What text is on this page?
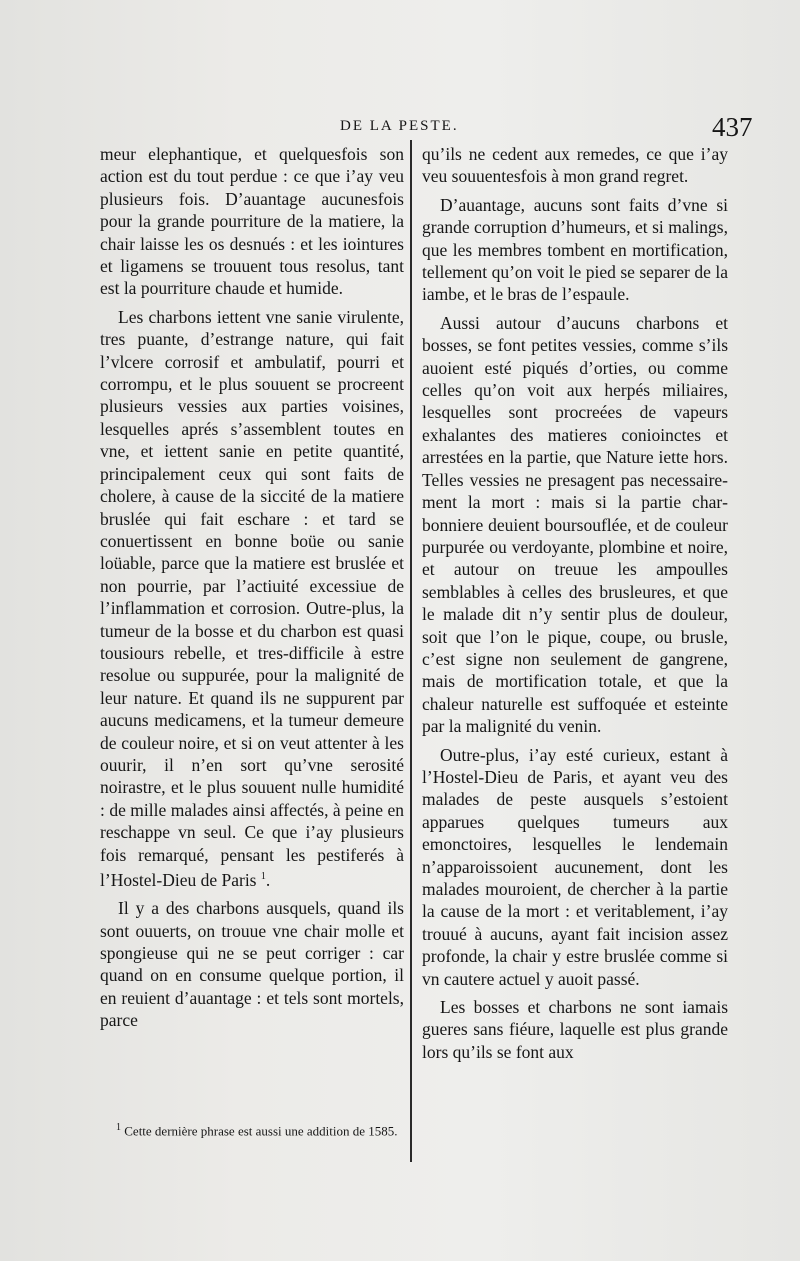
DE LA PESTE.	437

meur elephantique, et quelquesfois son action est du tout perdue : ce que i’ay veu plusieurs fois. D’auantage aucunesfois pour la grande pourriture de la matiere, la chair laisse les os desnués : et les iointures et ligamens se trouuent tous resolus, tant est la pourriture chaude et humide.

Les charbons iettent vne sanie virulente, tres puante, d’estrange nature, qui fait l’vlcere corrosif et ambulatif, pourri et corrompu, et le plus souuent se procreent plusieurs vessies aux parties voisines, lesquelles aprés s’assemblent toutes en vne, et iettent sanie en petite quantité, principalement ceux qui sont faits de cholere, à cause de la siccité de la matiere bruslée qui fait eschare : et tard se conuertissent en bonne boüe ou sanie loüable, parce que la matiere est bruslée et non pourrie, par l’actiuité excessiue de l’inflammation et corrosion. Outre-plus, la tumeur de la bosse et du charbon est quasi tousiours rebelle, et tres-difficile à estre resolue ou suppurée, pour la malignité de leur nature. Et quand ils ne suppurent par aucuns medicamens, et la tumeur demeure de couleur noire, et si on veut attenter à les ouurir, il n’en sort qu’vne serosité noirastre, et le plus souuent nulle humidité : de mille malades ainsi affectés, à peine en reschappe vn seul. Ce que i’ay plusieurs fois remarqué, pensant les pestiferés à l’Hostel-Dieu de Paris $^1$.

Il y a des charbons ausquels, quand ils sont ouuerts, on trouue vne chair molle et spongieuse qui ne se peut corriger : car quand on en consume quelque portion, il en reuient d’auantage : et tels sont mortels, parce

qu’ils ne cedent aux remedes, ce que i’ay veu souuentesfois à mon grand regret.

D’auantage, aucuns sont faits d’vne si grande corruption d’humeurs, et si malings, que les membres tombent en mortification, tellement qu’on voit le pied se separer de la iambe, et le bras de l’espaule.

Aussi autour d’aucuns charbons et bosses, se font petites vessies, comme s’ils auoient esté piqués d’orties, ou comme celles qu’on voit aux herpés miliaires, lesquelles sont procreées de vapeurs exhalantes des matieres conioinctes et arrestées en la partie, que Nature iette hors. Telles vessies ne presagent pas necessairement la mort : mais si la partie charbonniere deuient boursouflée, et de couleur purpurée ou verdoyante, plombine et noire, et autour on treuue les ampoulles semblables à celles des brusleures, et que le malade dit n’y sentir plus de douleur, soit que l’on le pique, coupe, ou brusle, c’est signe non seulement de gangrene, mais de mortification totale, et que la chaleur naturelle est suffoquée et esteinte par la malignité du venin.

Outre-plus, i’ay esté curieux, estant à l’Hostel-Dieu de Paris, et ayant veu des malades de peste ausquels s’estoient apparues quelques tumeurs aux emonctoires, lesquelles le lendemain n’apparoissoient aucunement, dont les malades mouroient, de chercher à la partie la cause de la mort : et veritablement, i’ay trouué à aucuns, ayant fait incision assez profonde, la chair y estre bruslée comme si vn cautere actuel y auoit passé.

Les bosses et charbons ne sont iamais gueres sans fiéure, laquelle est plus grande lors qu’ils se font aux

$^1$ Cette dernière phrase est aussi une addition de 1585.
